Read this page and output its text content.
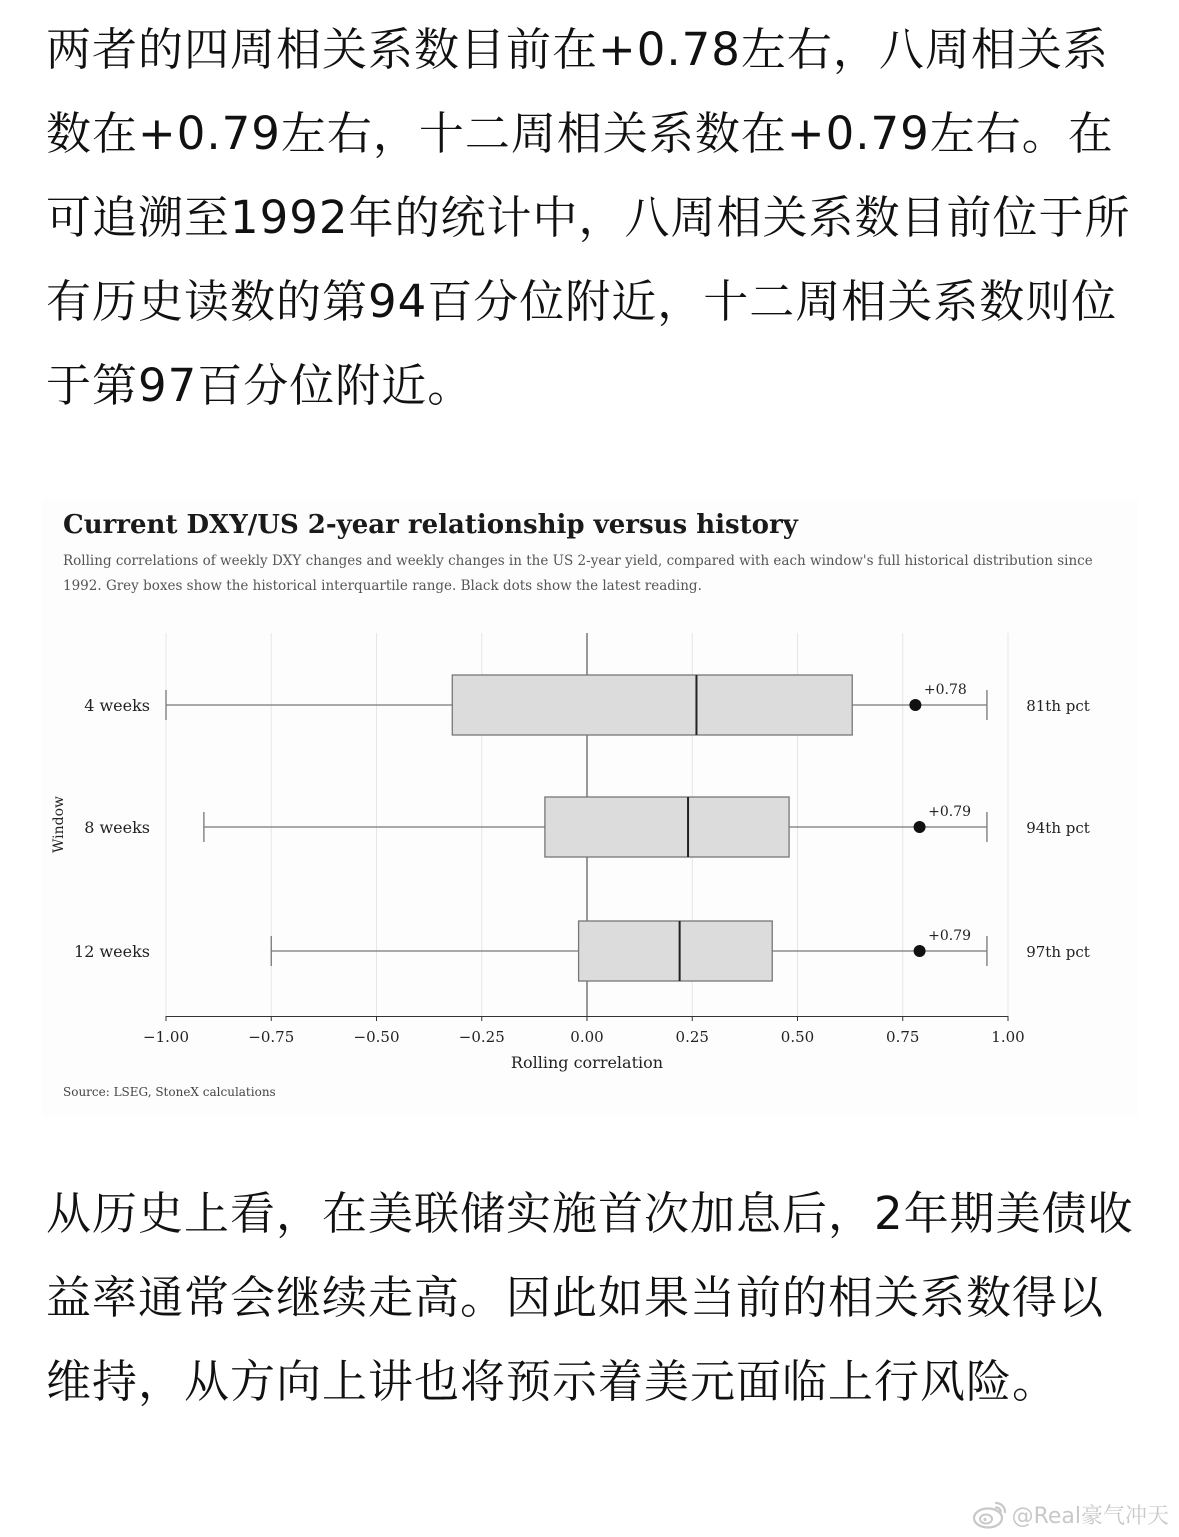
两者的四周相关系数目前在+0.78左右，八周相关系数在+0.79左右，十二周相关系数在+0.79左右。在可追溯至1992年的统计中，八周相关系数目前位于所有历史读数的第94百分位附近，十二周相关系数则位于第97百分位附近。

Current DXY/US 2-year relationship versus history
Rolling correlations of weekly DXY changes and weekly changes in the US 2-year yield, compared with each window's full historical distribution since 1992. Grey boxes show the historical interquartile range. Black dots show the latest reading.
−1.00	−0.75	−0.50	−0.25	0.00	0.25	0.50	0.75	1.00
Rolling correlation
Window
4 weeks
+0.78
81th pct
8 weeks
+0.79
94th pct
12 weeks
+0.79
97th pct
Source: LSEG, StoneX calculations

从历史上看，在美联储实施首次加息后，2年期美债收益率通常会继续走高。因此如果当前的相关系数得以维持，从方向上讲也将预示着美元面临上行风险。

@Real豪气冲天
